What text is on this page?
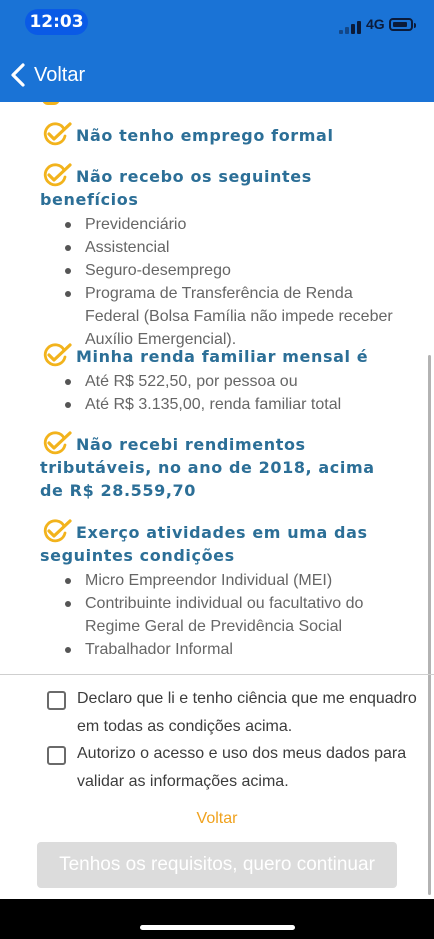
12:03	4G
Voltar
Não tenho emprego formal
Não recebo os seguintes benefícios
Previdenciário
Assistencial
Seguro-desemprego
Programa de Transferência de Renda Federal (Bolsa Família não impede receber Auxílio Emergencial).
Minha renda familiar mensal é
Até R$ 522,50, por pessoa ou
Até R$ 3.135,00, renda familiar total
Não recebi rendimentos tributáveis, no ano de 2018, acima de R$ 28.559,70
Exerço atividades em uma das seguintes condições
Micro Empreendor Individual (MEI)
Contribuinte individual ou facultativo do Regime Geral de Previdência Social
Trabalhador Informal
Declaro que li e tenho ciência que me enquadro em todas as condições acima.
Autorizo o acesso e uso dos meus dados para validar as informações acima.
Voltar
Tenhos os requisitos, quero continuar
